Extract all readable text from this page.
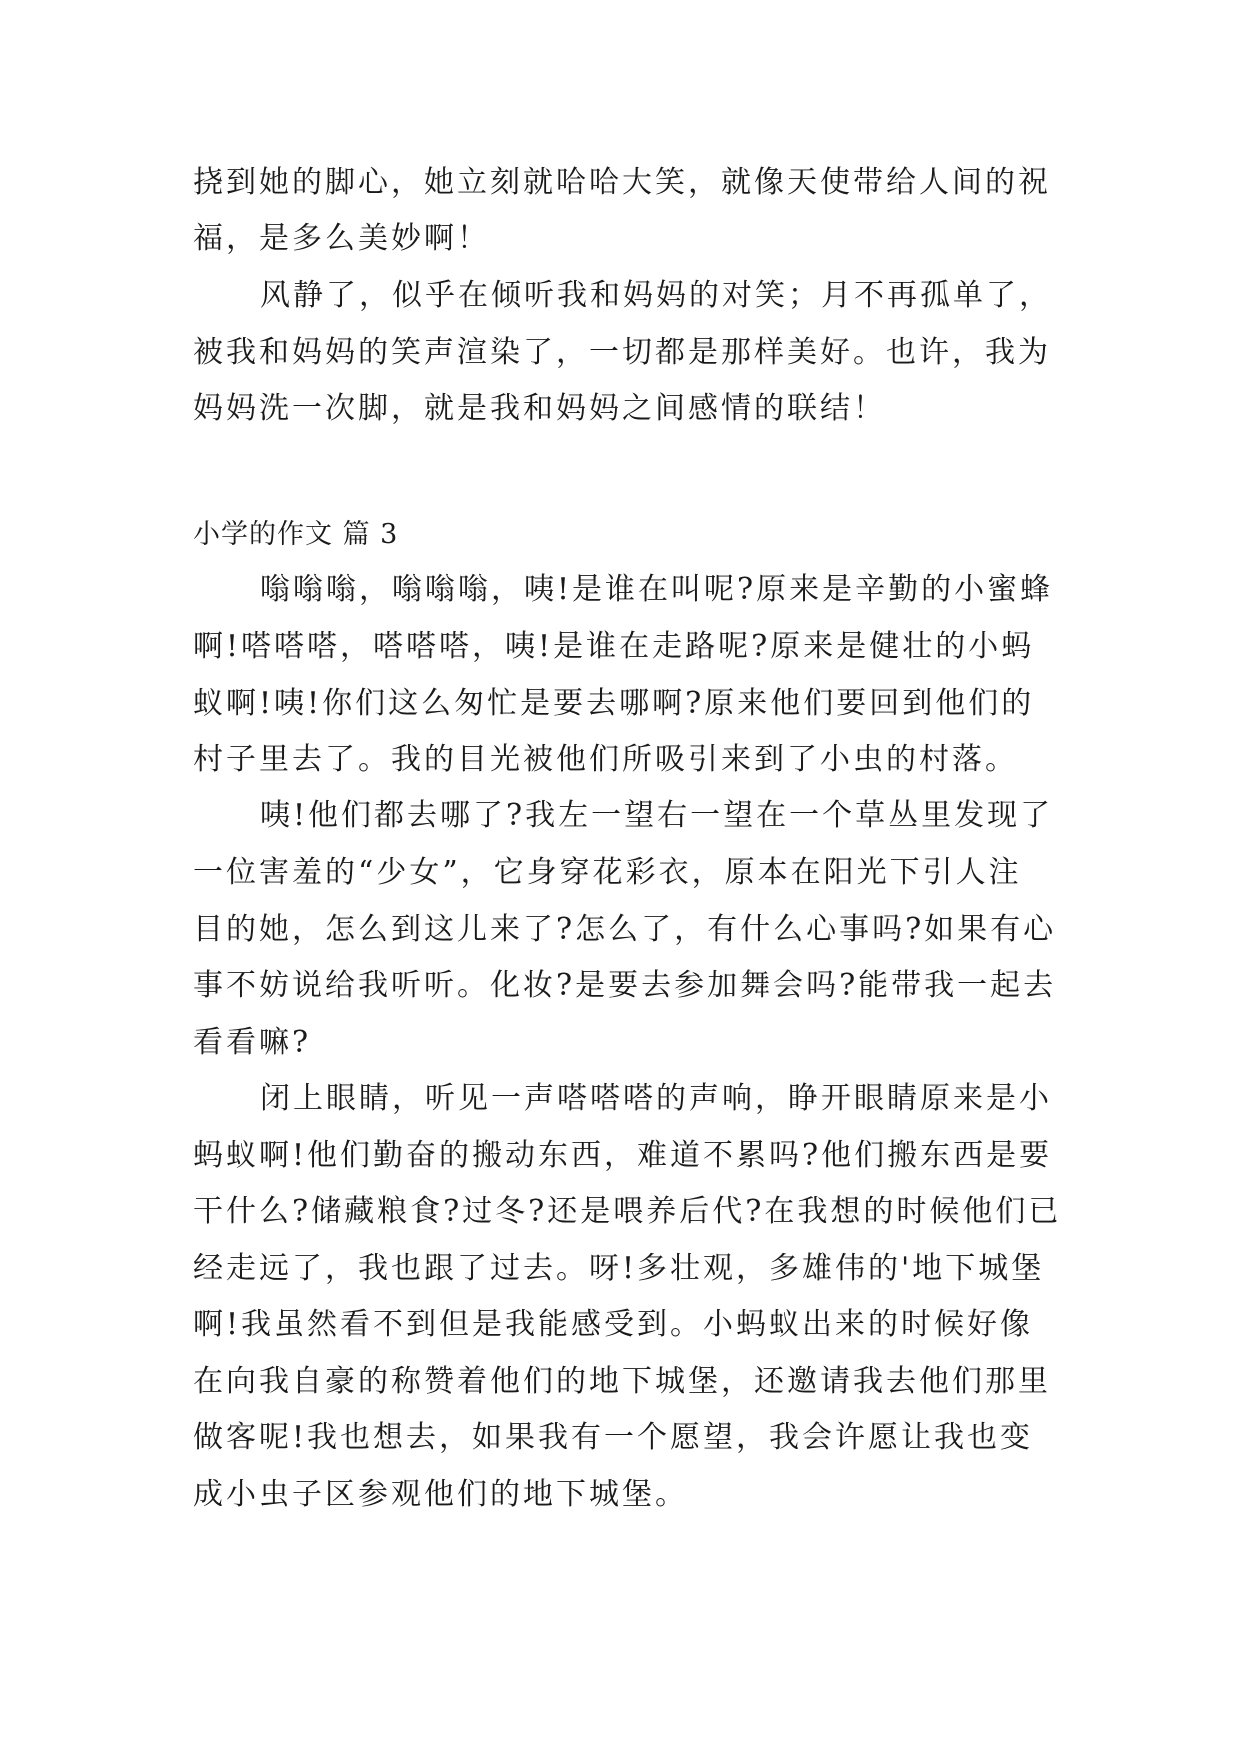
挠到她的脚心，她立刻就哈哈大笑，就像天使带给人间的祝
福，是多么美妙啊！
风静了，似乎在倾听我和妈妈的对笑；月不再孤单了，
被我和妈妈的笑声渲染了，一切都是那样美好。也许，我为
妈妈洗一次脚，就是我和妈妈之间感情的联结！
小学的作文 篇 3
嗡嗡嗡，嗡嗡嗡，咦!是谁在叫呢?原来是辛勤的小蜜蜂
啊!嗒嗒嗒，嗒嗒嗒，咦!是谁在走路呢?原来是健壮的小蚂
蚁啊!咦!你们这么匆忙是要去哪啊?原来他们要回到他们的
村子里去了。我的目光被他们所吸引来到了小虫的村落。
咦!他们都去哪了?我左一望右一望在一个草丛里发现了
一位害羞的“少女”，它身穿花彩衣，原本在阳光下引人注
目的她，怎么到这儿来了?怎么了，有什么心事吗?如果有心
事不妨说给我听听。化妆?是要去参加舞会吗?能带我一起去
看看嘛?
闭上眼睛，听见一声嗒嗒嗒的声响，睁开眼睛原来是小
蚂蚁啊!他们勤奋的搬动东西，难道不累吗?他们搬东西是要
干什么?储藏粮食?过冬?还是喂养后代?在我想的时候他们已
经走远了，我也跟了过去。呀!多壮观，多雄伟的'地下城堡
啊!我虽然看不到但是我能感受到。小蚂蚁出来的时候好像
在向我自豪的称赞着他们的地下城堡，还邀请我去他们那里
做客呢!我也想去，如果我有一个愿望，我会许愿让我也变
成小虫子区参观他们的地下城堡。
